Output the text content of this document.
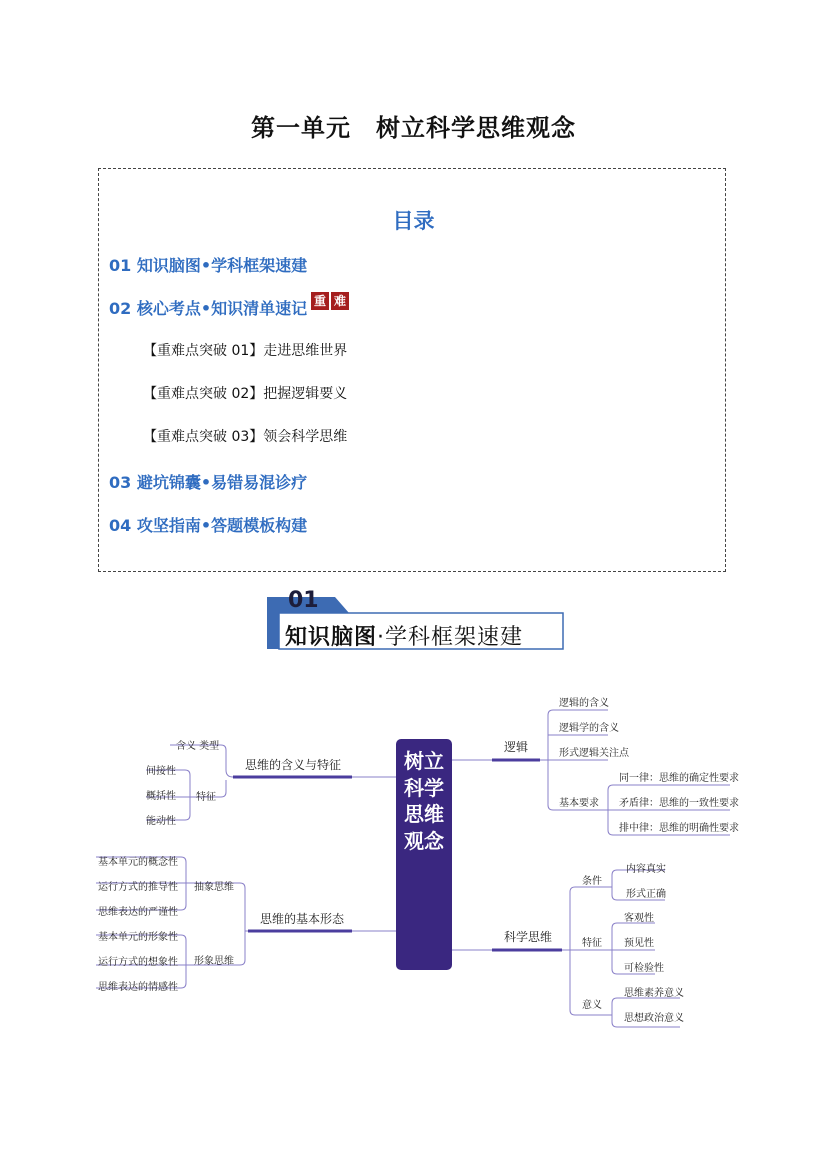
第一单元　树立科学思维观念
目录
01 知识脑图•学科框架速建
02 核心考点•知识清单速记 重 难
【重难点突破 01】走进思维世界
【重难点突破 02】把握逻辑要义
【重难点突破 03】领会科学思维
03 避坑锦囊•易错易混诊疗
04 攻坚指南•答题模板构建
01
知识脑图·学科框架速建
树立科学思维观念
思维的含义与特征
含义 类型
特征
间接性
概括性
能动性
思维的基本形态
抽象思维
基本单元的概念性
运行方式的推导性
思维表达的严谨性
形象思维
基本单元的形象性
运行方式的想象性
思维表达的情感性
逻辑
逻辑的含义
逻辑学的含义
形式逻辑关注点
基本要求
同一律：思维的确定性要求
矛盾律：思维的一致性要求
排中律：思维的明确性要求
科学思维
条件
内容真实
形式正确
特征
客观性
预见性
可检验性
意义
思维素养意义
思想政治意义
